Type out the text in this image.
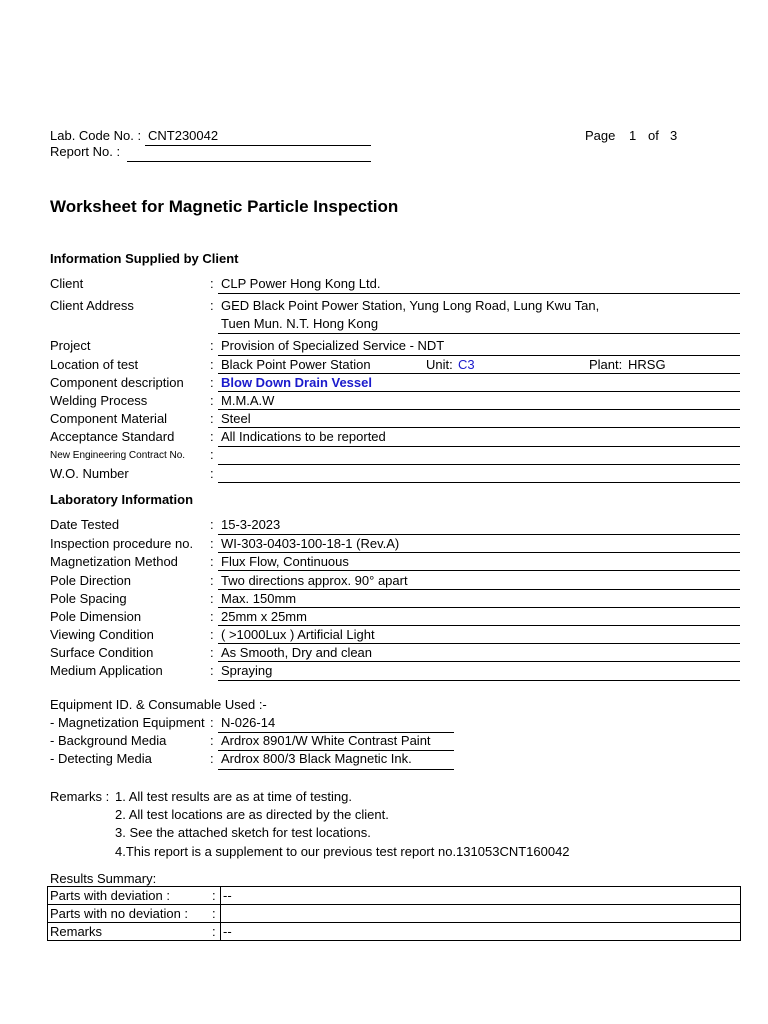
Lab. Code No. : CNT230042
Report No. :
Page 1 of 3
Worksheet for Magnetic Particle Inspection
Information Supplied by Client
Client	: CLP Power Hong Kong Ltd.
Client Address	: GED Black Point Power Station, Yung Long Road, Lung Kwu Tan,
Tuen Mun. N.T. Hong Kong
Project	: Provision of Specialized Service - NDT
Location of test	: Black Point Power Station	Unit: C3	Plant: HRSG
Component description : Blow Down Drain Vessel
Welding Process	: M.M.A.W
Component Material	: Steel
Acceptance Standard	: All Indications to be reported
New Engineering Contract No. :
W.O. Number	:
Laboratory Information
Date Tested	: 15-3-2023
Inspection procedure no. : WI-303-0403-100-18-1 (Rev.A)
Magnetization Method : Flux Flow, Continuous
Pole Direction	: Two directions approx. 90° apart
Pole Spacing	: Max. 150mm
Pole Dimension	: 25mm x 25mm
Viewing Condition	: ( >1000Lux ) Artificial Light
Surface Condition	: As Smooth, Dry and clean
Medium Application	: Spraying
Equipment ID. & Consumable Used :-
- Magnetization Equipment : N-026-14
- Background Media	: Ardrox 8901/W White Contrast Paint
- Detecting Media	: Ardrox 800/3 Black Magnetic Ink.
Remarks : 1. All test results are as at time of testing.
2. All test locations are as directed by the client.
3. See the attached sketch for test locations.
4.This report is a supplement to our previous test report no.131053CNT160042
Results Summary:
Parts with deviation :	:	--
Parts with no deviation :	:	
Remarks	:	--
